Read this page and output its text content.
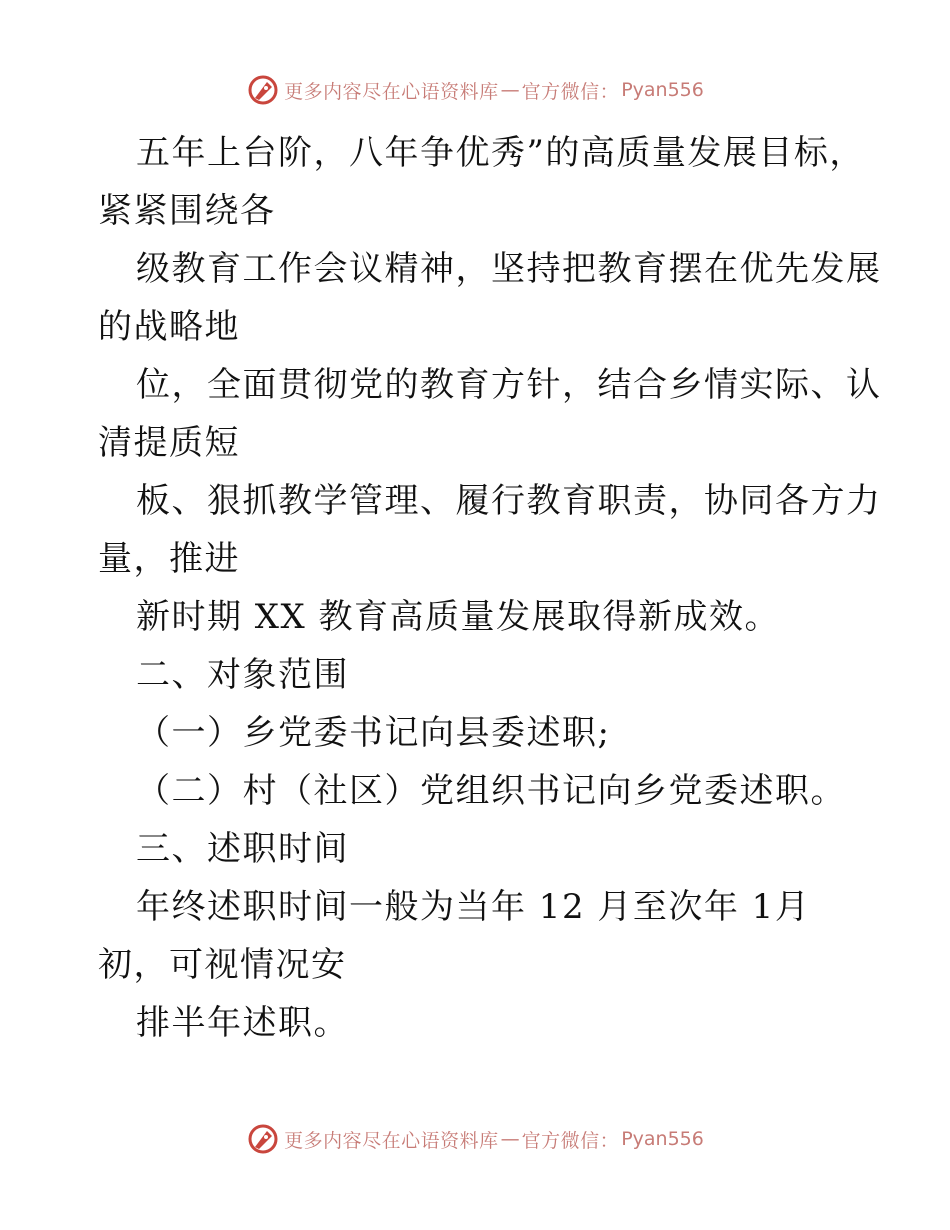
更多内容尽在心语资料库 — 官方微信： Pyan556
五年上台阶，八年争优秀”的高质量发展目标，
紧紧围绕各
级教育工作会议精神，坚持把教育摆在优先发展
的战略地
位，全面贯彻党的教育方针，结合乡情实际、认
清提质短
板、狠抓教学管理、履行教育职责，协同各方力
量，推进
新时期 XX 教育高质量发展取得新成效。
二、对象范围
（一）乡党委书记向县委述职;
（二）村（社区）党组织书记向乡党委述职。
三、述职时间
年终述职时间一般为当年 12 月至次年 1月
初，可视情况安
排半年述职。
更多内容尽在心语资料库 — 官方微信： Pyan556
